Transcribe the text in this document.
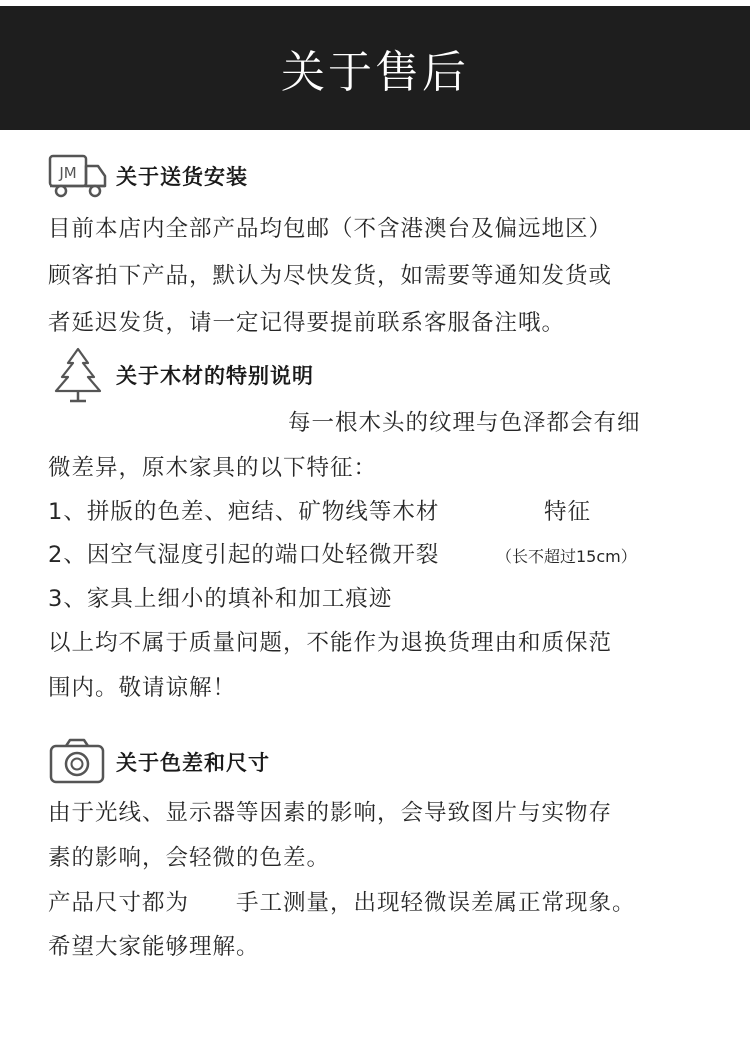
关于售后
JM 关于送货安装
目前本店内全部产品均包邮（不含港澳台及偏远地区）
顾客拍下产品，默认为尽快发货，如需要等通知发货或
者延迟发货，请一定记得要提前联系客服备注哦。
关于木材的特别说明
每一根木头的纹理与色泽都会有细
微差异，原木家具的以下特征：
1、拼版的色差、疤结、矿物线等木材	特征
2、因空气湿度引起的端口处轻微开裂	（长不超过15cm）
3、家具上细小的填补和加工痕迹
以上均不属于质量问题，不能作为退换货理由和质保范
围内。敬请谅解！
关于色差和尺寸
由于光线、显示器等因素的影响，会导致图片与实物存
素的影响，会轻微的色差。
产品尺寸都为 手工测量，出现轻微误差属正常现象。
希望大家能够理解。
